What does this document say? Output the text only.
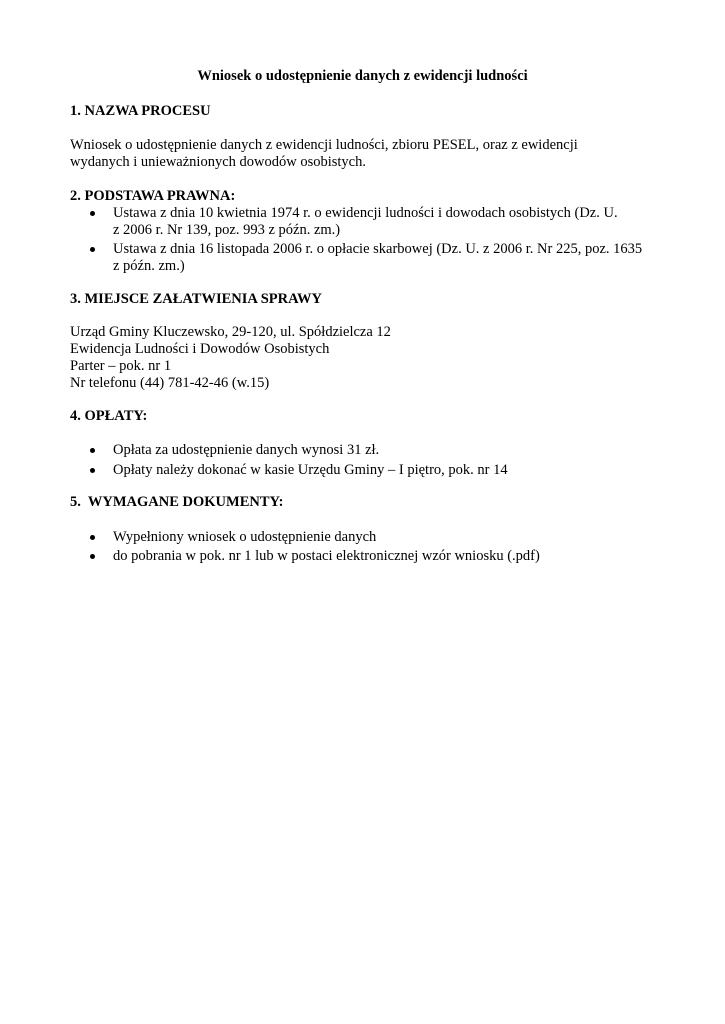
Wniosek o udostępnienie danych z ewidencji ludności
1. NAZWA PROCESU
Wniosek o udostępnienie danych z ewidencji ludności, zbioru PESEL, oraz z ewidencji
wydanych i unieważnionych dowodów osobistych.
2. PODSTAWA PRAWNA:
Ustawa z dnia 10 kwietnia 1974 r. o ewidencji ludności i dowodach osobistych (Dz. U.
z 2006 r. Nr 139, poz. 993 z późn. zm.)
Ustawa z dnia 16 listopada 2006 r. o opłacie skarbowej (Dz. U. z 2006 r. Nr 225, poz. 1635
z późn. zm.)
3. MIEJSCE ZAŁATWIENIA SPRAWY
Urząd Gminy Kluczewsko, 29-120, ul. Spółdzielcza 12
Ewidencja Ludności i Dowodów Osobistych
Parter – pok. nr 1
Nr telefonu (44) 781-42-46 (w.15)
4. OPŁATY:
Opłata za udostępnienie danych wynosi 31 zł.
Opłaty należy dokonać w kasie Urzędu Gminy – I piętro, pok. nr 14
5.  WYMAGANE DOKUMENTY:
Wypełniony wniosek o udostępnienie danych
do pobrania w pok. nr 1 lub w postaci elektronicznej wzór wniosku (.pdf)
